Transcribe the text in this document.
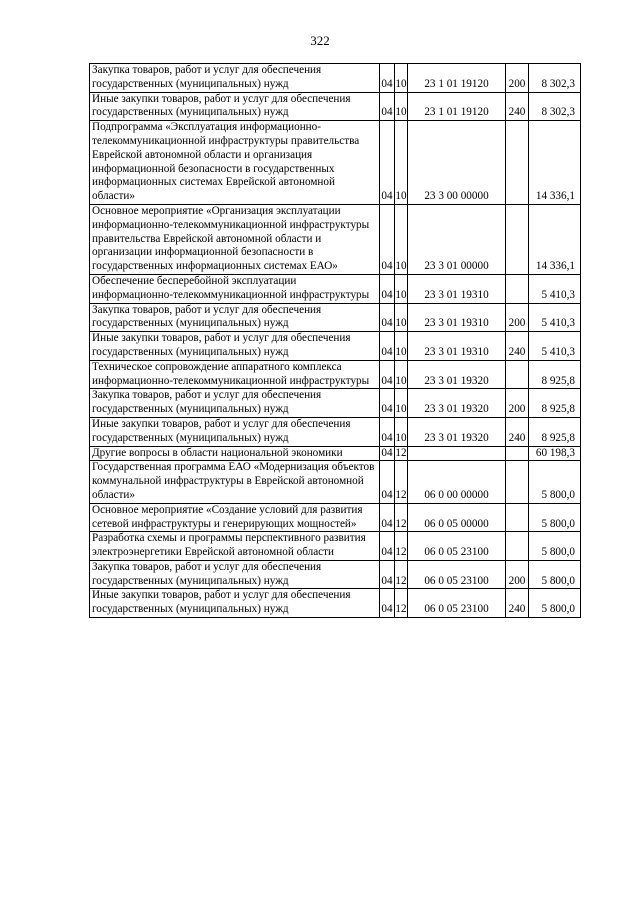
322
Закупка товаров, работ и услуг для обеспечения государственных (муниципальных) нужд	04	10	23 1 01 19120	200	8 302,3
Иные закупки товаров, работ и услуг для обеспечения государственных (муниципальных) нужд	04	10	23 1 01 19120	240	8 302,3
Подпрограмма «Эксплуатация информационно-телекоммуникационной инфраструктуры правительства Еврейской автономной области и организация информационной безопасности в государственных информационных системах Еврейской автономной области»	04	10	23 3 00 00000		14 336,1
Основное мероприятие «Организация эксплуатации информационно-телекоммуникационной инфраструктуры правительства Еврейской автономной области и организации информационной безопасности в государственных информационных системах ЕАО»	04	10	23 3 01 00000		14 336,1
Обеспечение бесперебойной эксплуатации информационно-телекоммуникационной инфраструктуры	04	10	23 3 01 19310		5 410,3
Закупка товаров, работ и услуг для обеспечения государственных (муниципальных) нужд	04	10	23 3 01 19310	200	5 410,3
Иные закупки товаров, работ и услуг для обеспечения государственных (муниципальных) нужд	04	10	23 3 01 19310	240	5 410,3
Техническое сопровождение аппаратного комплекса информационно-телекоммуникационной инфраструктуры	04	10	23 3 01 19320		8 925,8
Закупка товаров, работ и услуг для обеспечения государственных (муниципальных) нужд	04	10	23 3 01 19320	200	8 925,8
Иные закупки товаров, работ и услуг для обеспечения государственных (муниципальных) нужд	04	10	23 3 01 19320	240	8 925,8
Другие вопросы в области национальной экономики	04	12			60 198,3
Государственная программа ЕАО «Модернизация объектов коммунальной инфраструктуры в Еврейской автономной области»	04	12	06 0 00 00000		5 800,0
Основное мероприятие «Создание условий для развития сетевой инфраструктуры и генерирующих мощностей»	04	12	06 0 05 00000		5 800,0
Разработка схемы и программы перспективного развития электроэнергетики Еврейской автономной области	04	12	06 0 05 23100		5 800,0
Закупка товаров, работ и услуг для обеспечения государственных (муниципальных) нужд	04	12	06 0 05 23100	200	5 800,0
Иные закупки товаров, работ и услуг для обеспечения государственных (муниципальных) нужд	04	12	06 0 05 23100	240	5 800,0
